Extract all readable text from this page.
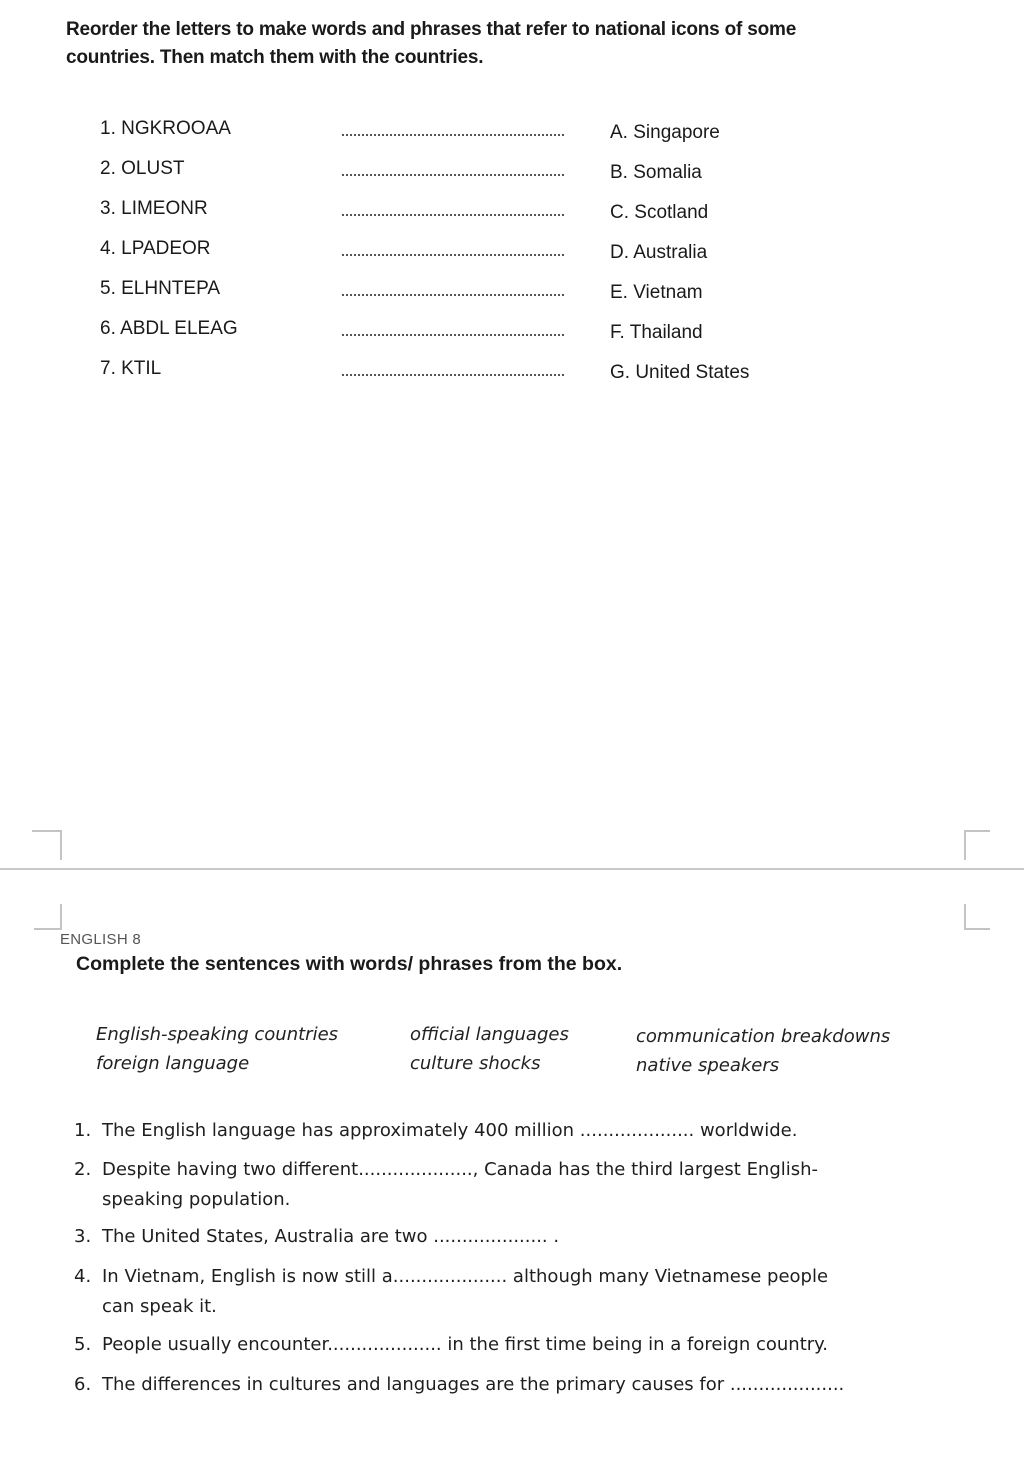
Reorder the letters to make words and phrases that refer to national icons of some
countries. Then match them with the countries.
1. NGKROOAA	A. Singapore
2. OLUST	B. Somalia
3. LIMEONR	C. Scotland
4. LPADEOR	D. Australia
5. ELHNTEPA	E. Vietnam
6. ABDL ELEAG	F. Thailand
7. KTIL	G. United States
ENGLISH 8
Complete the sentences with words/ phrases from the box.
English-speaking countries
foreign language
official languages
culture shocks
communication breakdowns
native speakers
1. The English language has approximately 400 million .................... worldwide.
2. Despite having two different...................., Canada has the third largest English-
speaking population.
3. The United States, Australia are two .................... .
4. In Vietnam, English is now still a.................... although many Vietnamese people
can speak it.
5. People usually encounter.................... in the first time being in a foreign country.
6. The differences in cultures and languages are the primary causes for ....................
